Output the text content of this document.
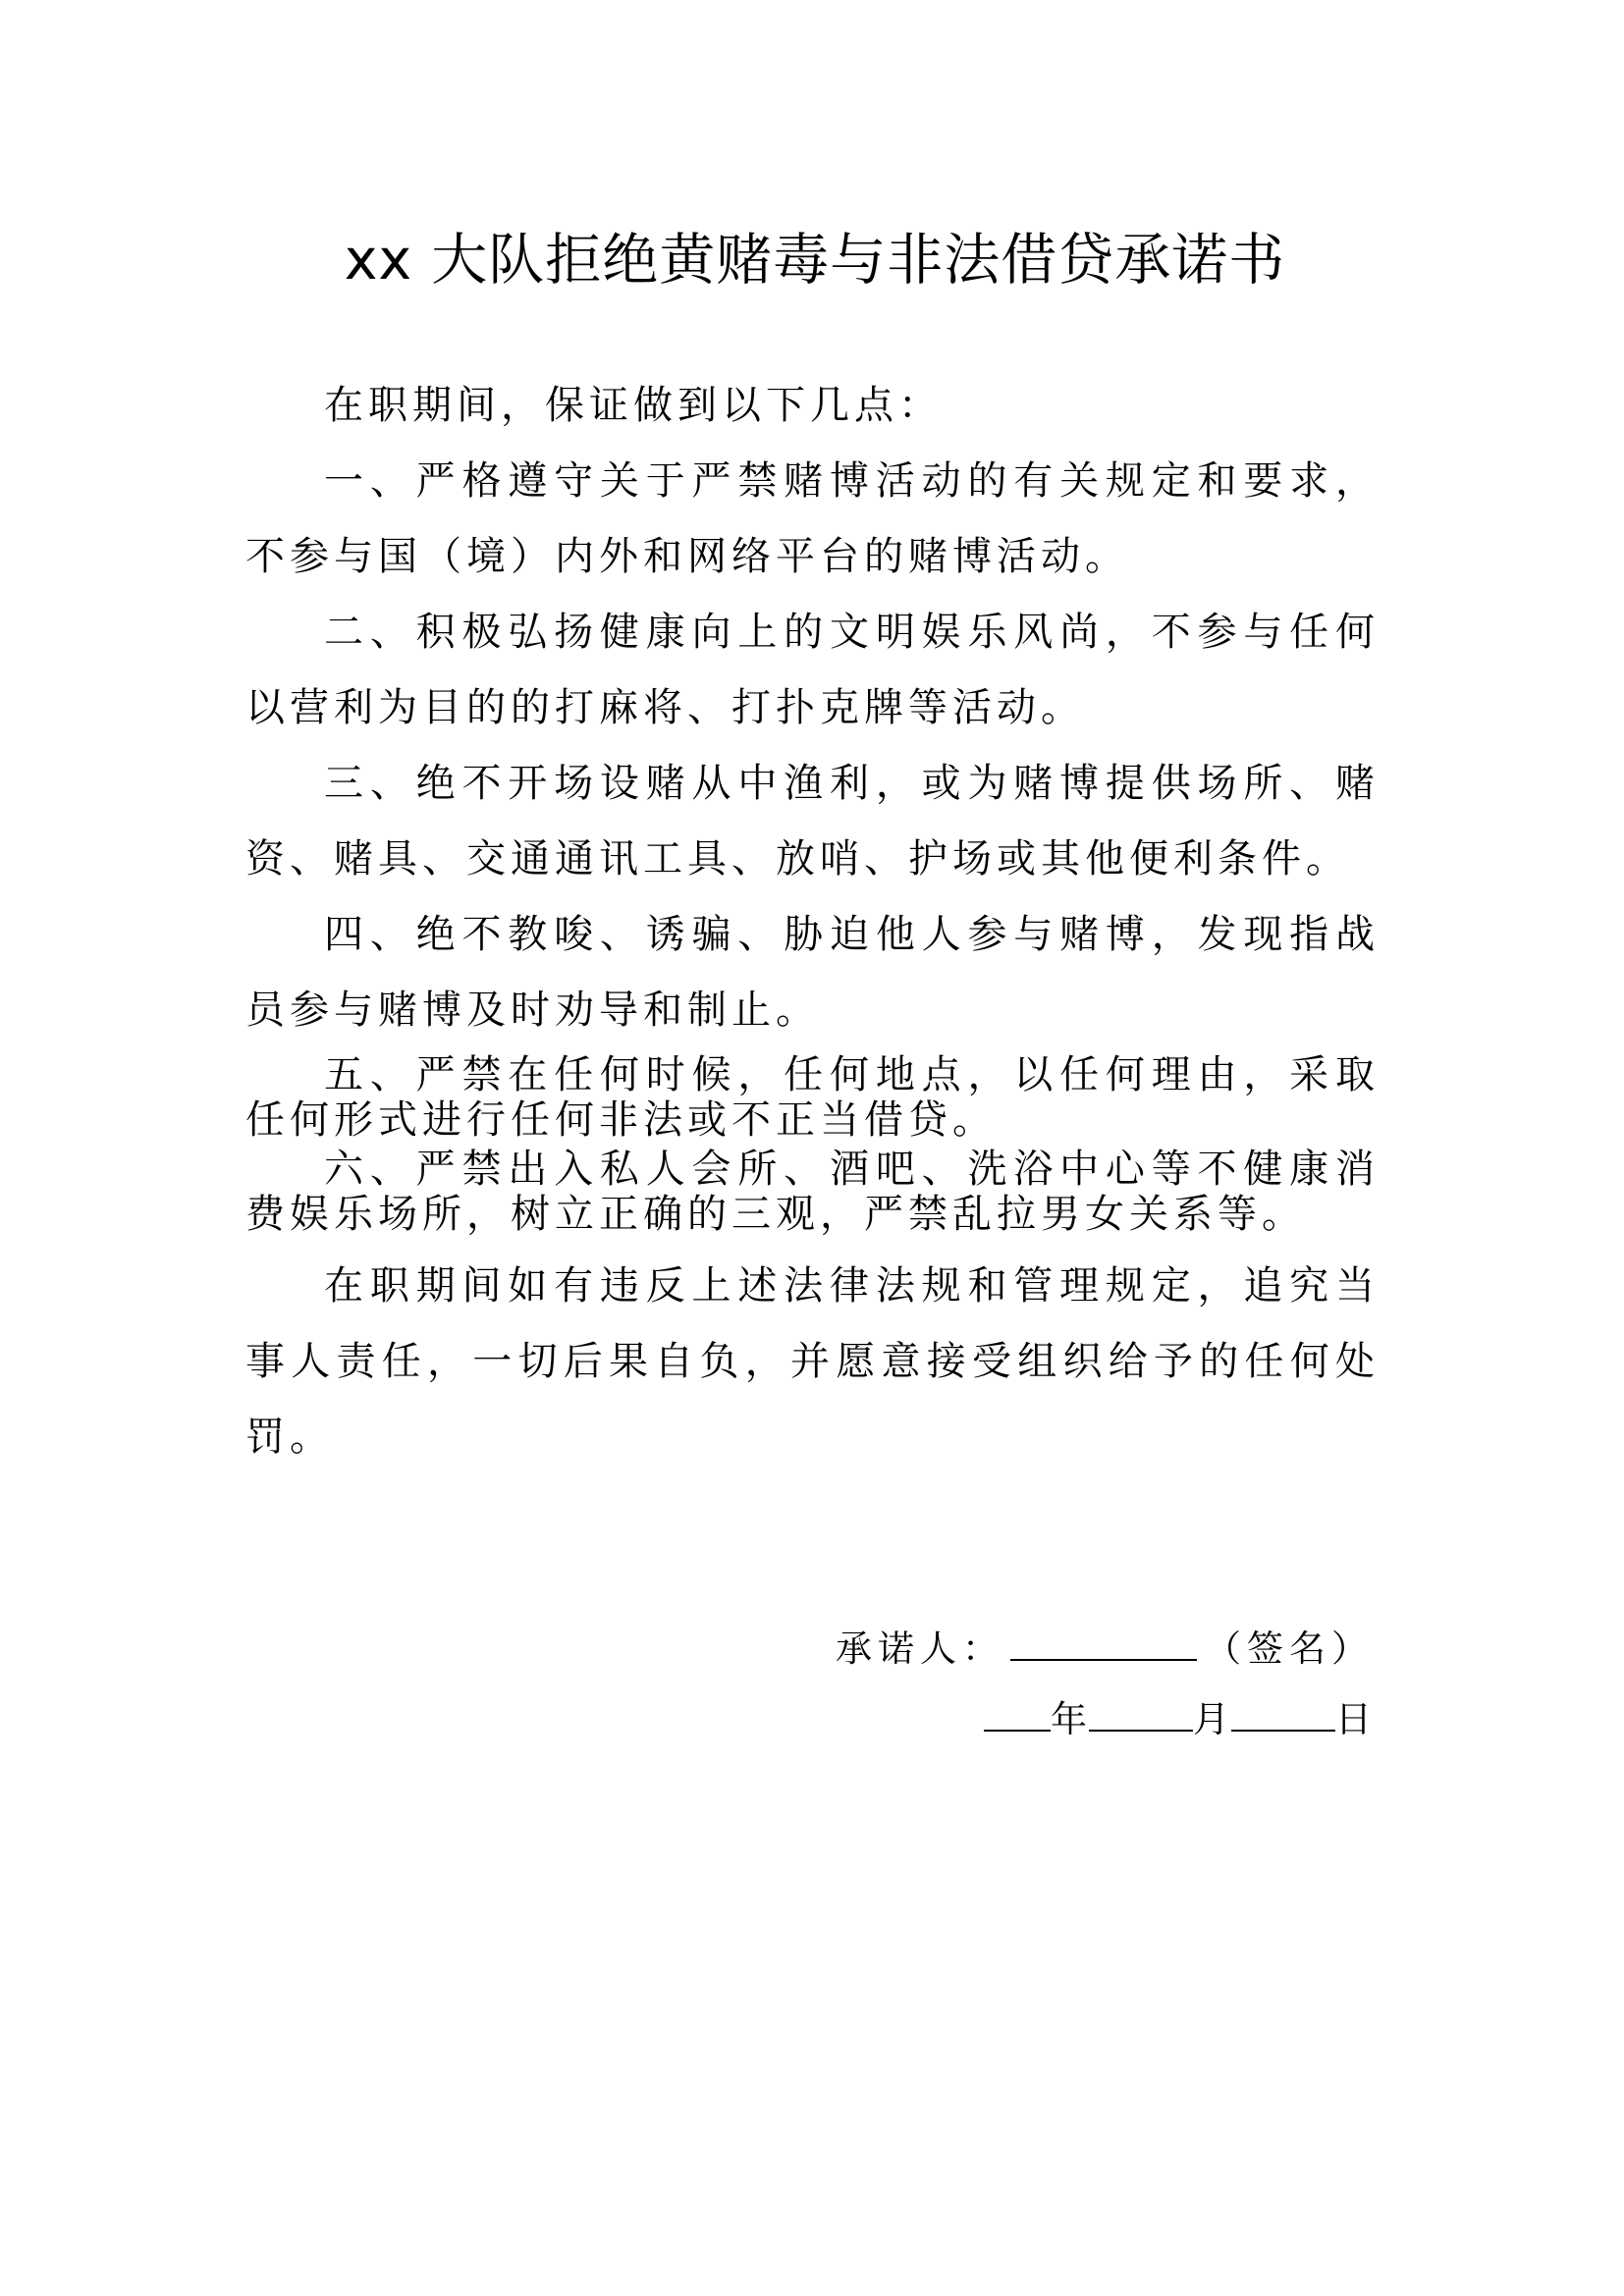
xx 大队拒绝黄赌毒与非法借贷承诺书

在职期间，保证做到以下几点：

一、严格遵守关于严禁赌博活动的有关规定和要求，不参与国（境）内外和网络平台的赌博活动。

二、积极弘扬健康向上的文明娱乐风尚，不参与任何以营利为目的的打麻将、打扑克牌等活动。

三、绝不开场设赌从中渔利，或为赌博提供场所、赌资、赌具、交通通讯工具、放哨、护场或其他便利条件。

四、绝不教唆、诱骗、胁迫他人参与赌博，发现指战员参与赌博及时劝导和制止。

五、严禁在任何时候，任何地点，以任何理由，采取任何形式进行任何非法或不正当借贷。

六、严禁出入私人会所、酒吧、洗浴中心等不健康消费娱乐场所，树立正确的三观，严禁乱拉男女关系等。

在职期间如有违反上述法律法规和管理规定，追究当事人责任，一切后果自负，并愿意接受组织给予的任何处罚。

承诺人：	（签名）
年	月	日
